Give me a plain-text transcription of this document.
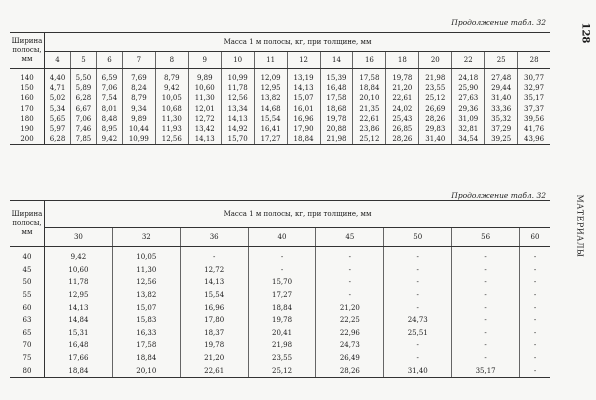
Продолжение табл. 32	128
МАТЕРИАЛЫ
Ширина
полосы,
мм	Масса 1 м полосы, кг, при толщине, мм															
	4	5	6	7	8	9	10	11	12	14	16	18	20	22	25	28
140	4,40	5,50	6,59	7,69	8,79	9,89	10,99	12,09	13,19	15,39	17,58	19,78	21,98	24,18	27,48	30,77
150	4,71	5,89	7,06	8,24	9,42	10,60	11,78	12,95	14,13	16,48	18,84	21,20	23,55	25,90	29,44	32,97
160	5,02	6,28	7,54	8,79	10,05	11,30	12,56	13,82	15,07	17,58	20,10	22,61	25,12	27,63	31,40	35,17
170	5,34	6,67	8,01	9,34	10,68	12,01	13,34	14,68	16,01	18,68	21,35	24,02	26,69	29,36	33,36	37,37
180	5,65	7,06	8,48	9,89	11,30	12,72	14,13	15,54	16,96	19,78	22,61	25,43	28,26	31,09	35,32	39,56
190	5,97	7,46	8,95	10,44	11,93	13,42	14,92	16,41	17,90	20,88	23,86	26,85	29,83	32,81	37,29	41,76
200	6,28	7,85	9,42	10,99	12,56	14,13	15,70	17,27	18,84	21,98	25,12	28,26	31,40	34,54	39,25	43,96
Продолжение табл. 32
Ширина
полосы,
мм	Масса 1 м полосы, кг, при толщине, мм							
	30	32	36	40	45	50	56	60
40	9,42	10,05	-	-	-	-	-	-
45	10,60	11,30	12,72	-	-	-	-	-
50	11,78	12,56	14,13	15,70	-	-	-	-
55	12,95	13,82	15,54	17,27	-	-	-	-
60	14,13	15,07	16,96	18,84	21,20	-	-	-
63	14,84	15,83	17,80	19,78	22,25	24,73	-	-
65	15,31	16,33	18,37	20,41	22,96	25,51	-	-
70	16,48	17,58	19,78	21,98	24,73	-	-	-
75	17,66	18,84	21,20	23,55	26,49	-	-	-
80	18,84	20,10	22,61	25,12	28,26	31,40	35,17	-
